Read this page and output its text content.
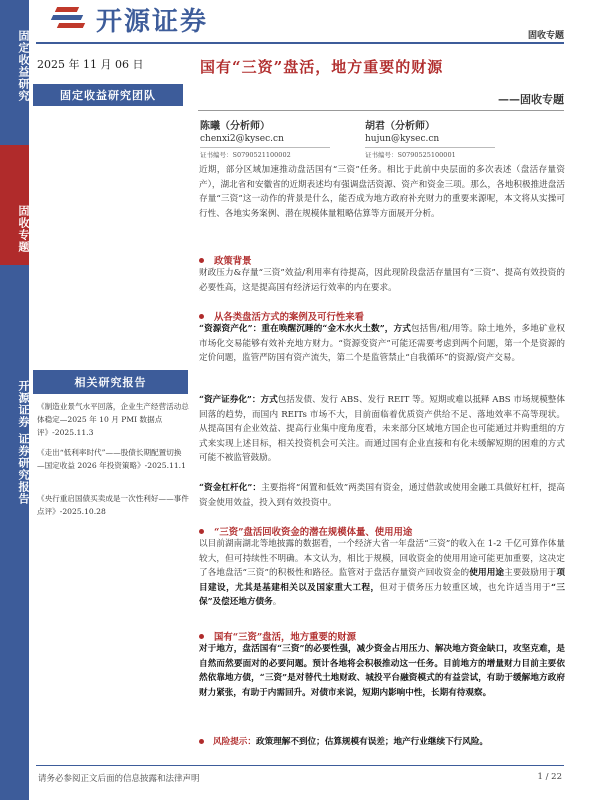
固定收益研究
固收专题
开源证券 证券研究报告
开源证券	固收专题
2025 年 11 月 06 日
固定收益研究团队
国有“三资”盘活，地方重要的财源
——固收专题
陈曦（分析师）
chenxi2@kysec.cn
证书编号：S0790521100002
胡君（分析师）
hujun@kysec.cn
证书编号：S0790525100001
相关研究报告
《制造业景气水平回落，企业生产经营活动总体稳定—2025 年 10 月 PMI 数据点评》-2025.11.3
《走出“低利率时代”——股债长期配置切换—国定收益 2026 年投资策略》-2025.11.1
《央行重启国债买卖成是一次性利好——事件点评》-2025.10.28
近期，部分区域加速推动盘活国有“三资”任务。相比于此前中央层面的多次表述（盘活存量资产），湖北省和安徽省的近期表述均有强调盘活资源、资产和资金三项。那么，各地积极推进盘活存量“三资”这一动作的背景是什么，能否成为地方政府补充财力的重要来源呢，本文将从实操可行性、各地实务案例、潜在规模体量粗略估算等方面展开分析。
政策背景
财政压力&存量“三资”效益/利用率有待提高，因此现阶段盘活存量国有“三资”、提高有效投资的必要性高，这是提高国有经济运行效率的内在要求。
从各类盘活方式的案例及可行性来看
“资源资产化”：重在唤醒沉睡的“金木水火土数”，方式包括售/租/用等。除土地外，多地矿业权市场化交易能够有效补充地方财力。“资源变资产”可能还需要考虑到两个问题，第一个是资源的定价问题，监管严防国有资产流失，第二个是监管禁止“自我循环”的资源/资产交易。
“资产证券化”：方式包括发债、发行 ABS、发行 REIT 等。短期或难以抵释 ABS 市场规模整体回落的趋势，而国内 REITs 市场不大，目前面临着优质资产供给不足、落地效率不高等现状。从提高国有企业效益、提高行业集中度角度看，未来部分区域地方国企也可能通过并购重组的方式来实现上述目标，相关投资机会可关注。而通过国有企业直接和有化未缓解短期的困难的方式可能不被监管鼓励。
“资金杠杆化”：主要指将“闲置和低效”两类国有资金，通过借款或使用金融工具做好杠杆，提高资金使用效益，投入到有效投资中。
“三资”盘活回收资金的潜在规模体量、使用用途
以目前湖南湖北等地披露的数据看，一个经济大省一年盘活“三资”的收入在 1-2 千亿可算作体量较大，但可持续性不明确。本文认为，相比于规模，回收资金的使用用途可能更加重要，这决定了各地盘活“三资”的积极性和路径。监管对于盘活存量资产回收资金的使用用途主要鼓励用于项目建设，尤其是基建相关以及国家重大工程，但对于债务压力较重区域，也允许适当用于“三保”及偿还地方债务。
国有“三资”盘活，地方重要的财源
对于地方，盘活国有“三资”的必要性强，减少资金占用压力、解决地方资金缺口，攻坚克难，是自然而然要面对的必要问题。预计各地将会积极推动这一任务。目前地方的增量财力目前主要依然依靠地方债，“三资”是对替代土地财政、城投平台融资模式的有益尝试，有助于缓解地方政府财力紧张，有助于内需回升。对债市来说，短期内影响中性，长期有待观察。
风险提示：政策理解不到位；估算规模有误差；地产行业继续下行风险。
请务必参阅正文后面的信息披露和法律声明	1 / 22
